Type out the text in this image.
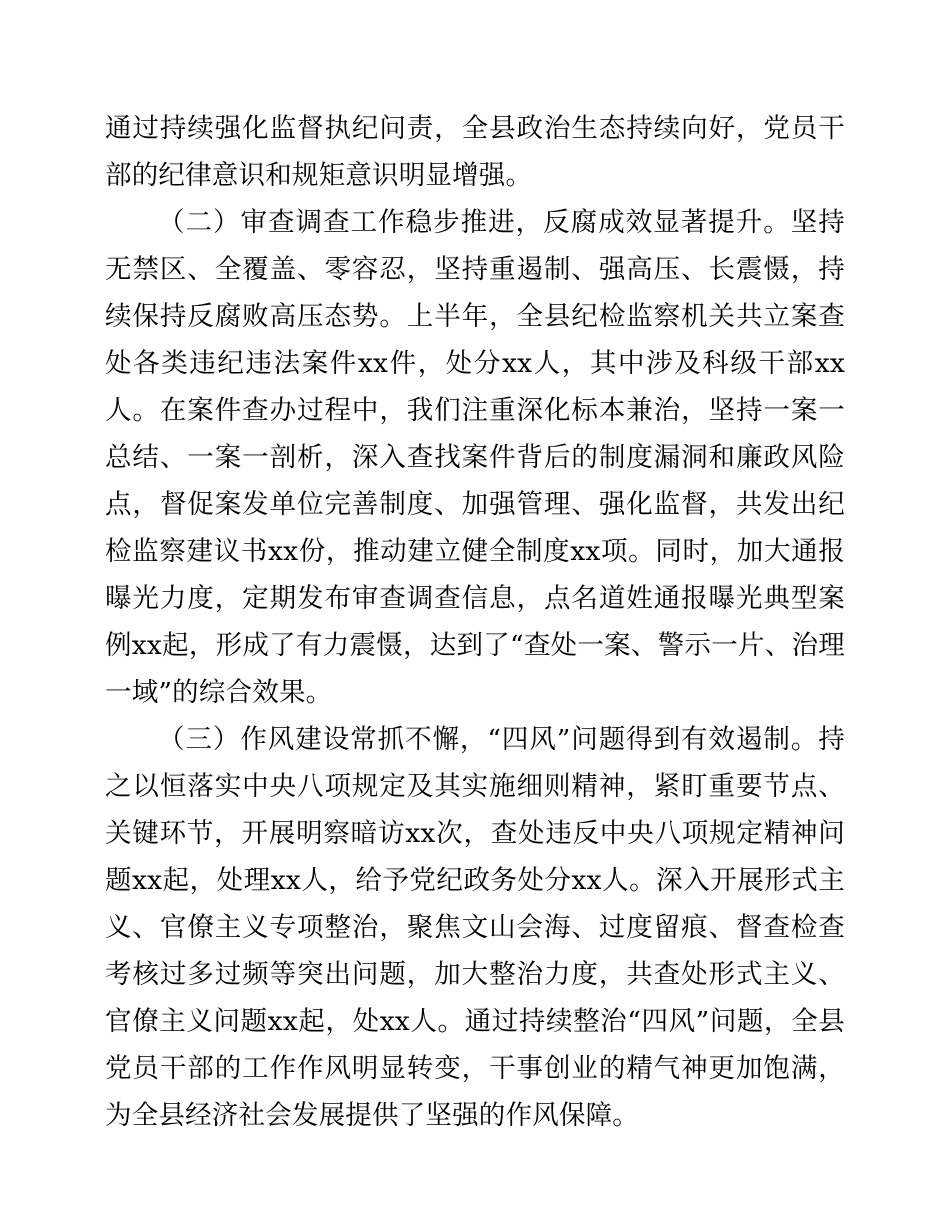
通过持续强化监督执纪问责，全县政治生态持续向好，党员干部的纪律意识和规矩意识明显增强。

（二）审查调查工作稳步推进，反腐成效显著提升。坚持无禁区、全覆盖、零容忍，坚持重遏制、强高压、长震慑，持续保持反腐败高压态势。上半年，全县纪检监察机关共立案查处各类违纪违法案件xx件，处分xx人，其中涉及科级干部xx人。在案件查办过程中，我们注重深化标本兼治，坚持一案一总结、一案一剖析，深入查找案件背后的制度漏洞和廉政风险点，督促案发单位完善制度、加强管理、强化监督，共发出纪检监察建议书xx份，推动建立健全制度xx项。同时，加大通报曝光力度，定期发布审查调查信息，点名道姓通报曝光典型案例xx起，形成了有力震慑，达到了“查处一案、警示一片、治理一域”的综合效果。

（三）作风建设常抓不懈，“四风”问题得到有效遏制。持之以恒落实中央八项规定及其实施细则精神，紧盯重要节点、关键环节，开展明察暗访xx次，查处违反中央八项规定精神问题xx起，处理xx人，给予党纪政务处分xx人。深入开展形式主义、官僚主义专项整治，聚焦文山会海、过度留痕、督查检查考核过多过频等突出问题，加大整治力度，共查处形式主义、官僚主义问题xx起，处xx人。通过持续整治“四风”问题，全县党员干部的工作作风明显转变，干事创业的精气神更加饱满，为全县经济社会发展提供了坚强的作风保障。
